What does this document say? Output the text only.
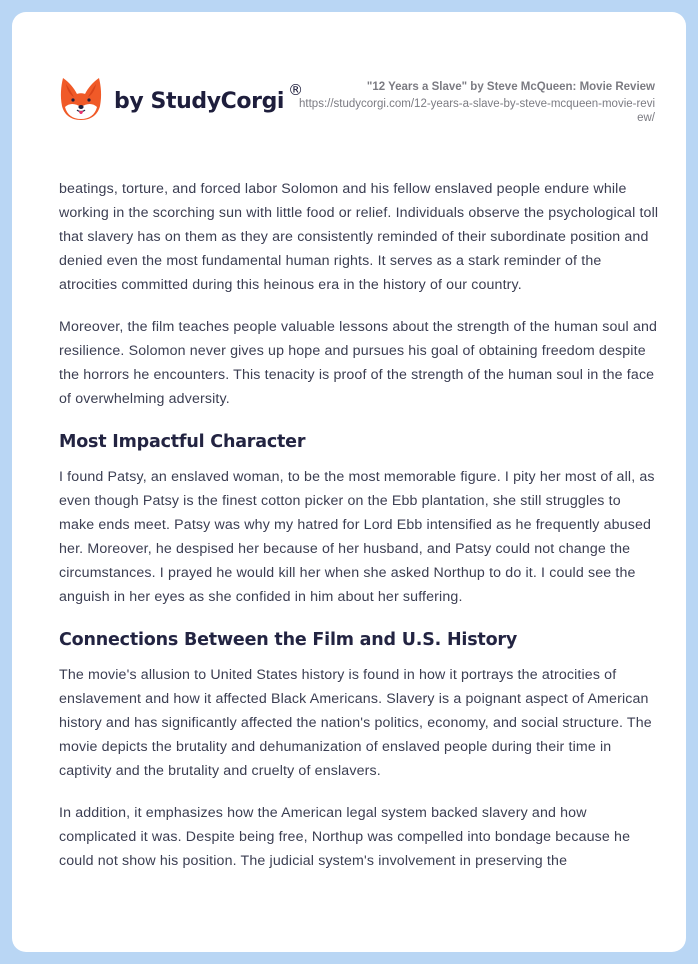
by StudyCorgi ®	"12 Years a Slave" by Steve McQueen: Movie Review
https://studycorgi.com/12-years-a-slave-by-steve-mcqueen-movie-review/

beatings, torture, and forced labor Solomon and his fellow enslaved people endure while working in the scorching sun with little food or relief. Individuals observe the psychological toll that slavery has on them as they are consistently reminded of their subordinate position and denied even the most fundamental human rights. It serves as a stark reminder of the atrocities committed during this heinous era in the history of our country.

Moreover, the film teaches people valuable lessons about the strength of the human soul and resilience. Solomon never gives up hope and pursues his goal of obtaining freedom despite the horrors he encounters. This tenacity is proof of the strength of the human soul in the face of overwhelming adversity.

Most Impactful Character

I found Patsy, an enslaved woman, to be the most memorable figure. I pity her most of all, as even though Patsy is the finest cotton picker on the Ebb plantation, she still struggles to make ends meet. Patsy was why my hatred for Lord Ebb intensified as he frequently abused her. Moreover, he despised her because of her husband, and Patsy could not change the circumstances. I prayed he would kill her when she asked Northup to do it. I could see the anguish in her eyes as she confided in him about her suffering.

Connections Between the Film and U.S. History

The movie's allusion to United States history is found in how it portrays the atrocities of enslavement and how it affected Black Americans. Slavery is a poignant aspect of American history and has significantly affected the nation's politics, economy, and social structure. The movie depicts the brutality and dehumanization of enslaved people during their time in captivity and the brutality and cruelty of enslavers.

In addition, it emphasizes how the American legal system backed slavery and how complicated it was. Despite being free, Northup was compelled into bondage because he could not show his position. The judicial system's involvement in preserving the
